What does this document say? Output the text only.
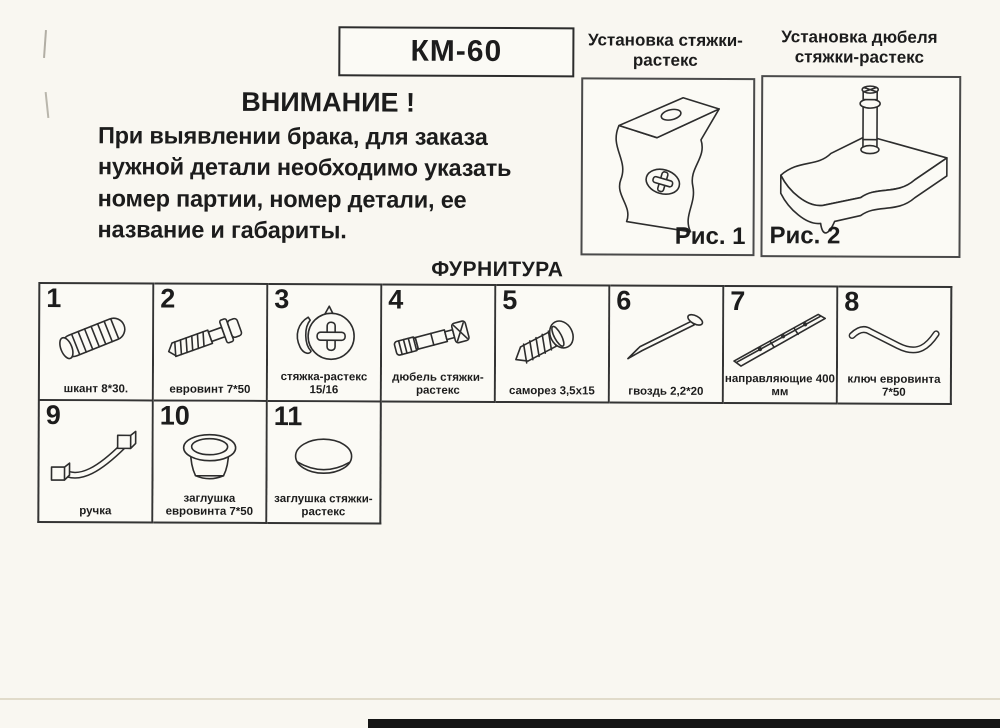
КМ-60	Установка стяжки-растекс
Установка дюбеля стяжки-растекс
Рис. 1 Рис. 2
ВНИМАНИЕ !
При выявлении брака, для заказа нужной детали необходимо указать номер партии, номер детали, ее название и габариты.
ФУРНИТУРА
1
шкант 8*30.
2
евровинт 7*50
3
стяжка-растекс 15/16
4
дюбель стяжки-растекс
5
саморез 3,5x15
6
гвоздь 2,2*20
7
направляющие 400 мм
8
ключ евровинта 7*50
9
ручка
10
заглушка евровинта 7*50
11
заглушка стяжки-растекс
